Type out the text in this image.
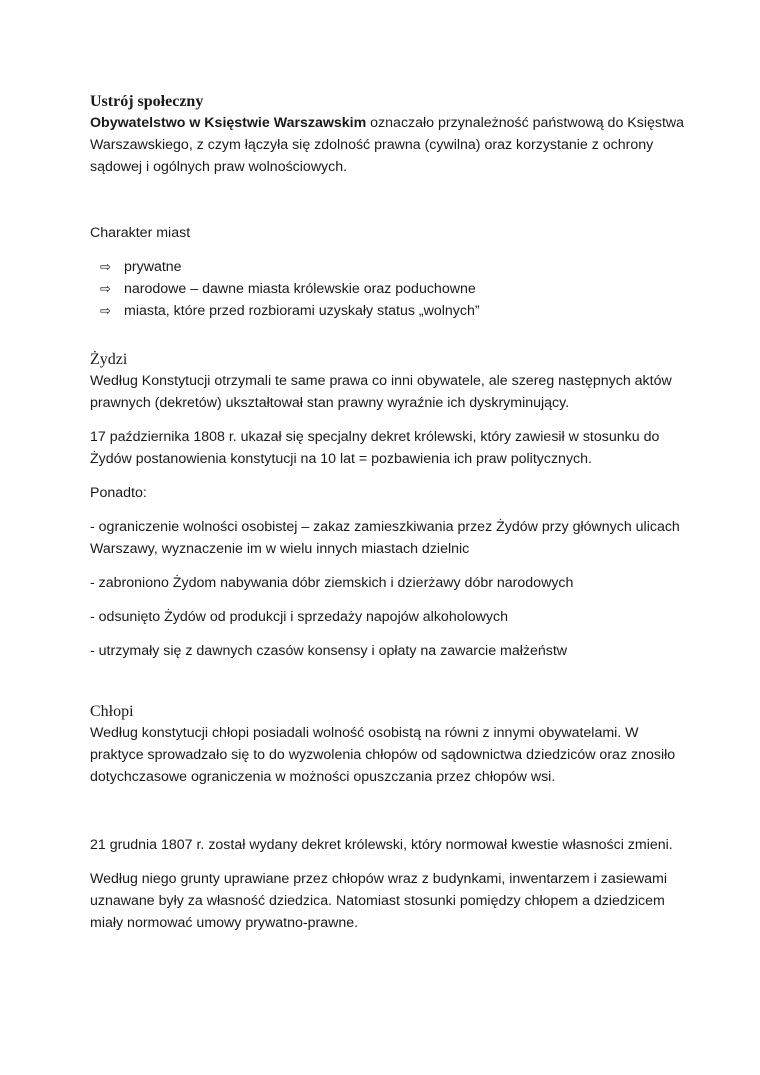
Ustrój społeczny

Obywatelstwo w Księstwie Warszawskim oznaczało przynależność państwową do Księstwa Warszawskiego, z czym łączyła się zdolność prawna (cywilna) oraz korzystanie z ochrony sądowej i ogólnych praw wolnościowych.

Charakter miast

⇨ prywatne
⇨ narodowe – dawne miasta królewskie oraz poduchowne
⇨ miasta, które przed rozbiorami uzyskały status „wolnych”
Żydzi

Według Konstytucji otrzymali te same prawa co inni obywatele, ale szereg następnych aktów prawnych (dekretów) ukształtował stan prawny wyraźnie ich dyskryminujący.

17 października 1808 r. ukazał się specjalny dekret królewski, który zawiesił w stosunku do Żydów postanowienia konstytucji na 10 lat = pozbawienia ich praw politycznych.

Ponadto:

- ograniczenie wolności osobistej – zakaz zamieszkiwania przez Żydów przy głównych ulicach Warszawy, wyznaczenie im w wielu innych miastach dzielnic

- zabroniono Żydom nabywania dóbr ziemskich i dzierżawy dóbr narodowych

- odsunięto Żydów od produkcji i sprzedaży napojów alkoholowych

- utrzymały się z dawnych czasów konsensy i opłaty na zawarcie małżeństw

Chłopi

Według konstytucji chłopi posiadali wolność osobistą na równi z innymi obywatelami. W praktyce sprowadzało się to do wyzwolenia chłopów od sądownictwa dziedziców oraz znosiło dotychczasowe ograniczenia w możności opuszczania przez chłopów wsi.

21 grudnia 1807 r. został wydany dekret królewski, który normował kwestie własności zmieni.

Według niego grunty uprawiane przez chłopów wraz z budynkami, inwentarzem i zasiewami uznawane były za własność dziedzica. Natomiast stosunki pomiędzy chłopem a dziedzicem miały normować umowy prywatno-prawne.
